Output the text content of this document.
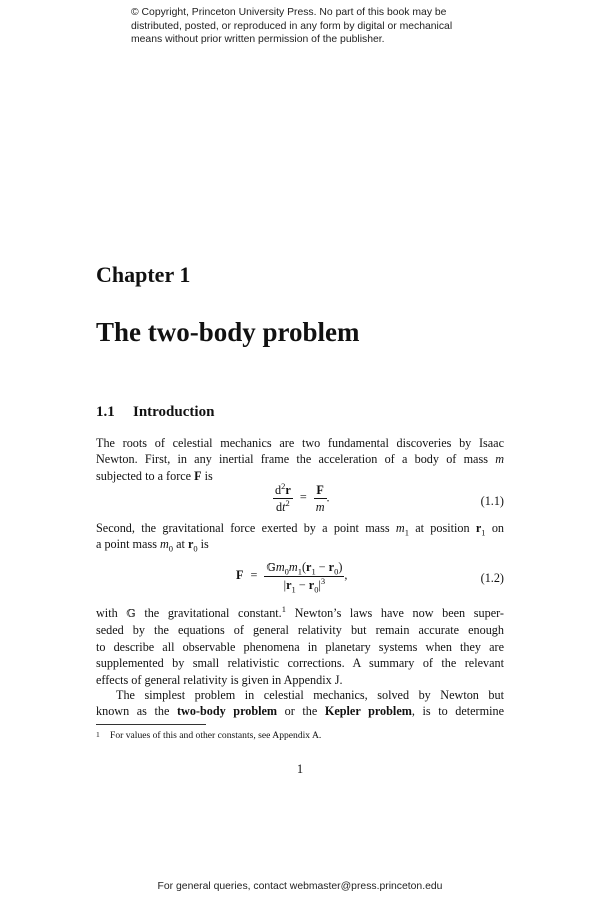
© Copyright, Princeton University Press. No part of this book may be
distributed, posted, or reproduced in any form by digital or mechanical
means without prior written permission of the publisher.
Chapter 1
The two-body problem
1.1 Introduction
The roots of celestial mechanics are two fundamental discoveries by Isaac
Newton. First, in any inertial frame the acceleration of a body of mass m
subjected to a force F is
$\frac{d^2r}{dt^2} = \frac{F}{m}$ .	(1.1)
Second, the gravitational force exerted by a point mass $m_1$ at position $r_1$ on
a point mass $m_0$ at $r_0$ is
$F = \frac{𝔾m_0m_1(r_1 - r_0)}{|r_1 - r_0|^3}$ ,	(1.2)
with 𝔾 the gravitational constant.$^1$ Newton’s laws have now been super-
seded by the equations of general relativity but remain accurate enough
to describe all observable phenomena in planetary systems when they are
supplemented by small relativistic corrections. A summary of the relevant
effects of general relativity is given in Appendix J.
The simplest problem in celestial mechanics, solved by Newton but
known as the two-body problem or the Kepler problem, is to determine
1 For values of this and other constants, see Appendix A.
1
For general queries, contact webmaster@press.princeton.edu
